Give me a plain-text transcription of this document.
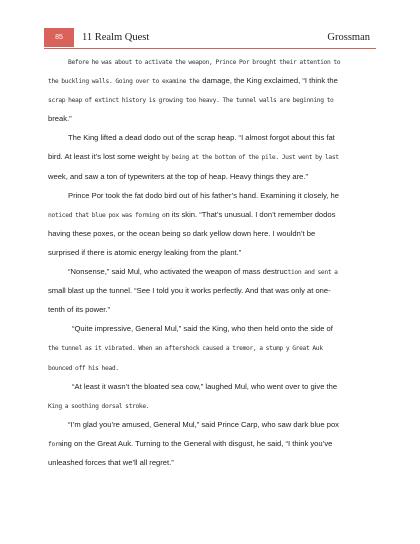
85 11 Realm Quest	Grossman
Before he was about to activate the weapon, Prince Por brought their attention to
the buckling walls. Going over to examine the damage, the King exclaimed, “I think the
scrap heap of extinct history is growing too heavy. The tunnel walls are beginning to
break.”
The King lifted a dead dodo out of the scrap heap. “I almost forgot about this fat
bird. At least it’s lost some weight by being at the bottom of the pile. Just went by last
week, and saw a ton of typewriters at the top of heap. Heavy things they are.”
Prince Por took the fat dodo bird out of his father’s hand. Examining it closely, he
noticed that blue pox was forming on its skin. “That’s unusual. I don’t remember dodos
having these poxes, or the ocean being so dark yellow down here. I wouldn’t be
surprised if there is atomic energy leaking from the plant.”
“Nonsense,” said Mul, who activated the weapon of mass destruction and sent a
small blast up the tunnel. “See I told you it works perfectly. And that was only at one-
tenth of its power.”
“Quite impressive, General Mul,” said the King, who then held onto the side of
the tunnel as it vibrated. When an aftershock caused a tremor, a stump y Great Auk
bounced off his head.
“At least it wasn’t the bloated sea cow,” laughed Mul, who went over to give the
King a soothing dorsal stroke.
“I’m glad you’re amused, General Mul,” said Prince Carp, who saw dark blue pox
forming on the Great Auk. Turning to the General with disgust, he said, “I think you’ve
unleashed forces that we’ll all regret.”
